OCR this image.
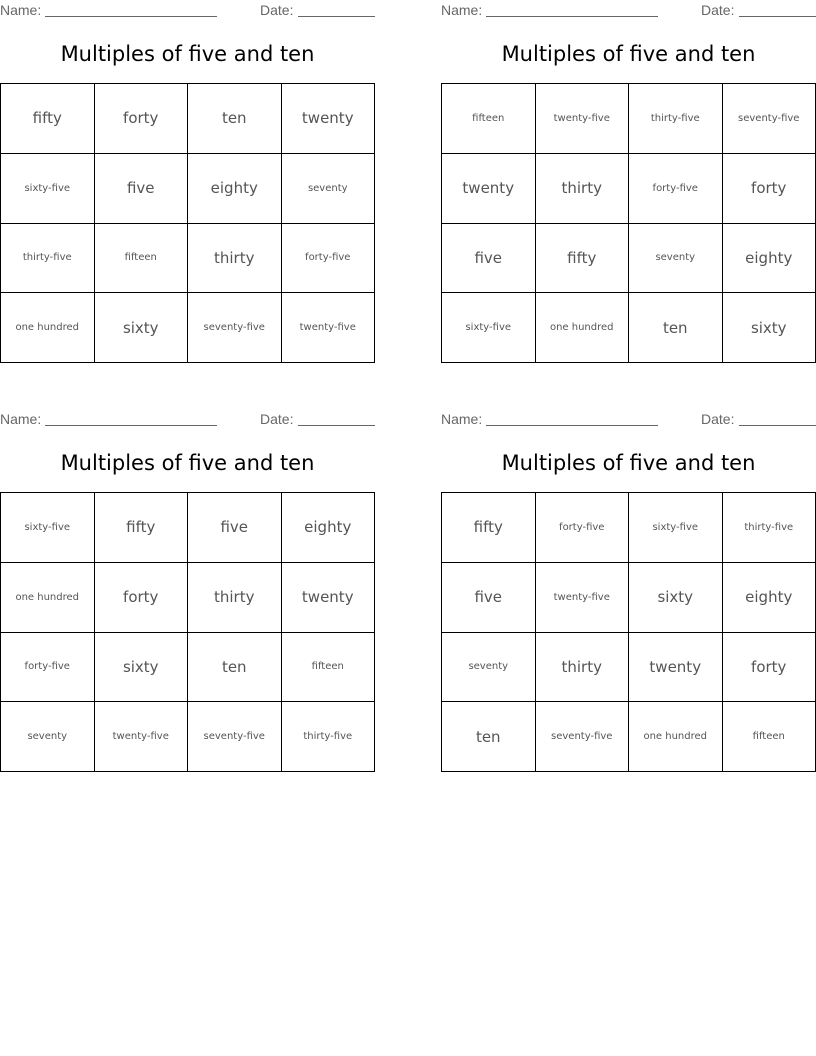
Name:	Date:
Multiples of five and ten
fifty	forty	ten	twenty
sixty-five	five	eighty	seventy
thirty-five	fifteen	thirty	forty-five
one hundred	sixty	seventy-five	twenty-five
Name:	Date:
Multiples of five and ten
fifteen	twenty-five	thirty-five	seventy-five
twenty	thirty	forty-five	forty
five	fifty	seventy	eighty
sixty-five	one hundred	ten	sixty
Name:	Date:
Multiples of five and ten
sixty-five	fifty	five	eighty
one hundred	forty	thirty	twenty
forty-five	sixty	ten	fifteen
seventy	twenty-five	seventy-five	thirty-five
Name:	Date:
Multiples of five and ten
fifty	forty-five	sixty-five	thirty-five
five	twenty-five	sixty	eighty
seventy	thirty	twenty	forty
ten	seventy-five	one hundred	fifteen
